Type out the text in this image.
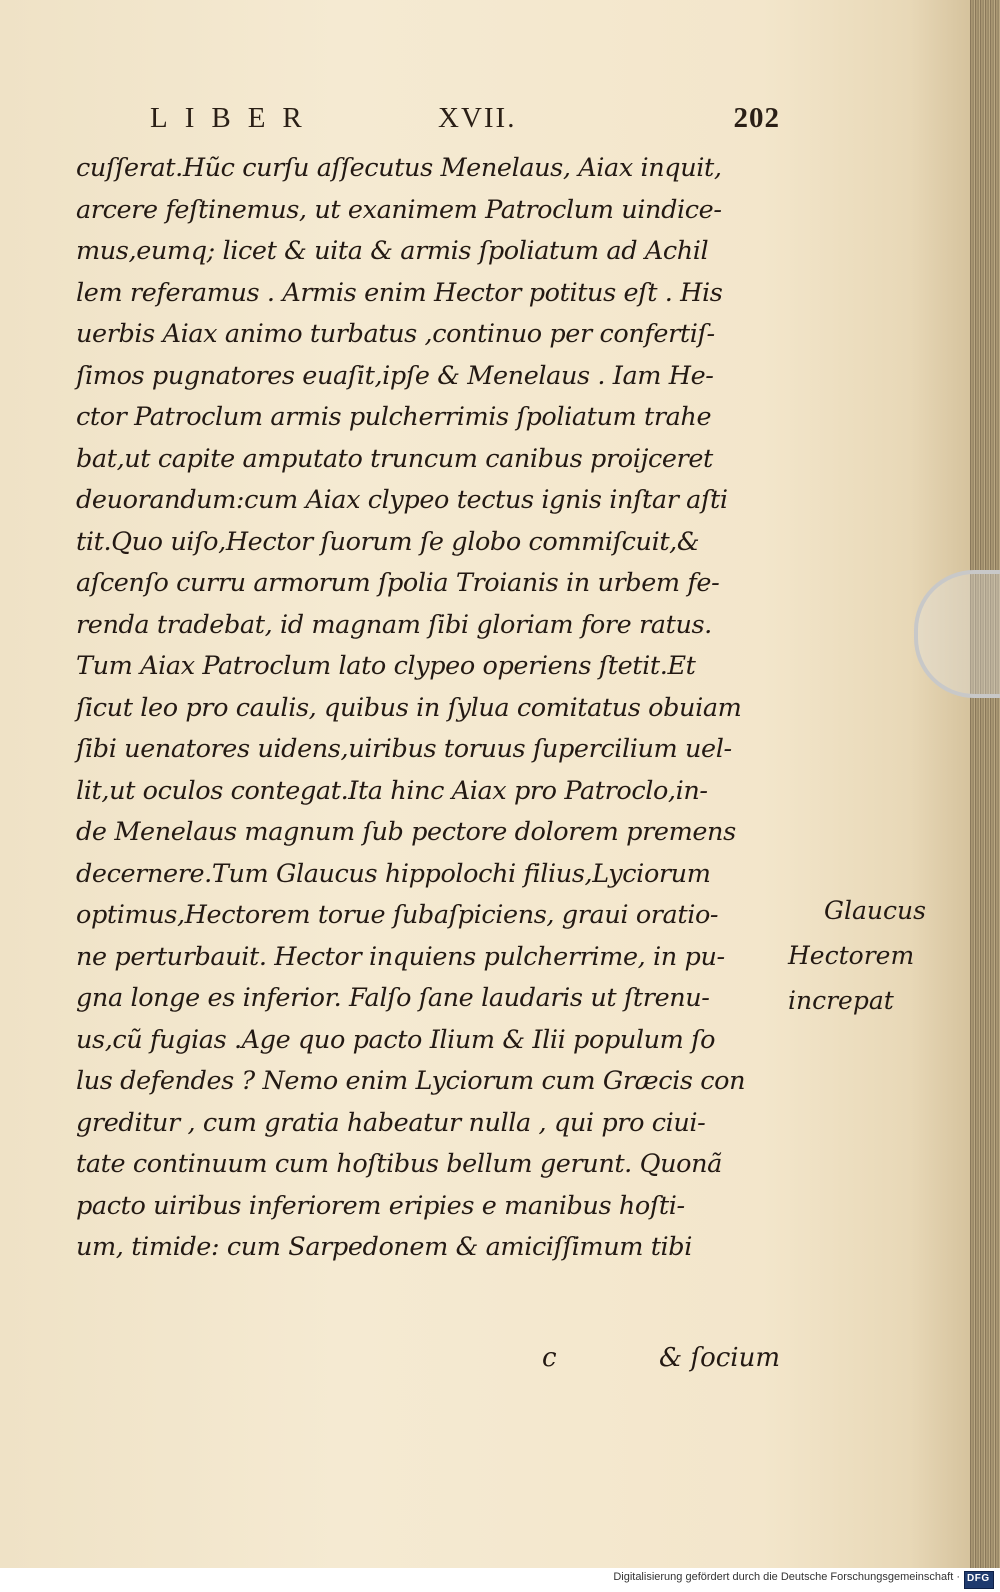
LIBER	XVII.	202
cuſſerat.Hũc curſu aſſecutus Menelaus, Aiax inquit,
arcere feſtinemus, ut exanimem Patroclum uindice-
mus,eumq; licet & uita & armis ſpoliatum ad Achil
lem referamus . Armis enim Hector potitus eſt . His
uerbis Aiax animo turbatus ,continuo per confertiſ-
ſimos pugnatores euaſit,ipſe & Menelaus . Iam He-
ctor Patroclum armis pulcherrimis ſpoliatum trahe
bat,ut capite amputato truncum canibus proijceret
deuorandum:cum Aiax clypeo tectus ignis inſtar aſti
tit.Quo uiſo,Hector ſuorum ſe globo commiſcuit,&
aſcenſo curru armorum ſpolia Troianis in urbem fe-
renda tradebat, id magnam ſibi gloriam fore ratus.
Tum Aiax Patroclum lato clypeo operiens ſtetit.Et
ſicut leo pro caulis, quibus in ſylua comitatus obuiam
ſibi uenatores uidens,uiribus toruus ſupercilium uel-
lit,ut oculos contegat.Ita hinc Aiax pro Patroclo,in-
de Menelaus magnum ſub pectore dolorem premens
decernere.Tum Glaucus hippolochi filius,Lyciorum
optimus,Hectorem torue ſubaſpiciens, graui oratio-
ne perturbauit. Hector inquiens pulcherrime, in pu-
gna longe es inferior. Falſo ſane laudaris ut ſtrenu-
us,cũ fugias .Age quo pacto Ilium & Ilii populum ſo
lus defendes ? Nemo enim Lyciorum cum Græcis con
greditur , cum gratia habeatur nulla , qui pro ciui-
tate continuum cum hoſtibus bellum gerunt. Quonã
pacto uiribus inferiorem eripies e manibus hoſti-
um, timide: cum Sarpedonem & amiciſſimum tibi
c	& ſocium
Glaucus
Hectorem
increpat
Digitalisierung gefördert durch die Deutsche Forschungsgemeinschaft · DFG
